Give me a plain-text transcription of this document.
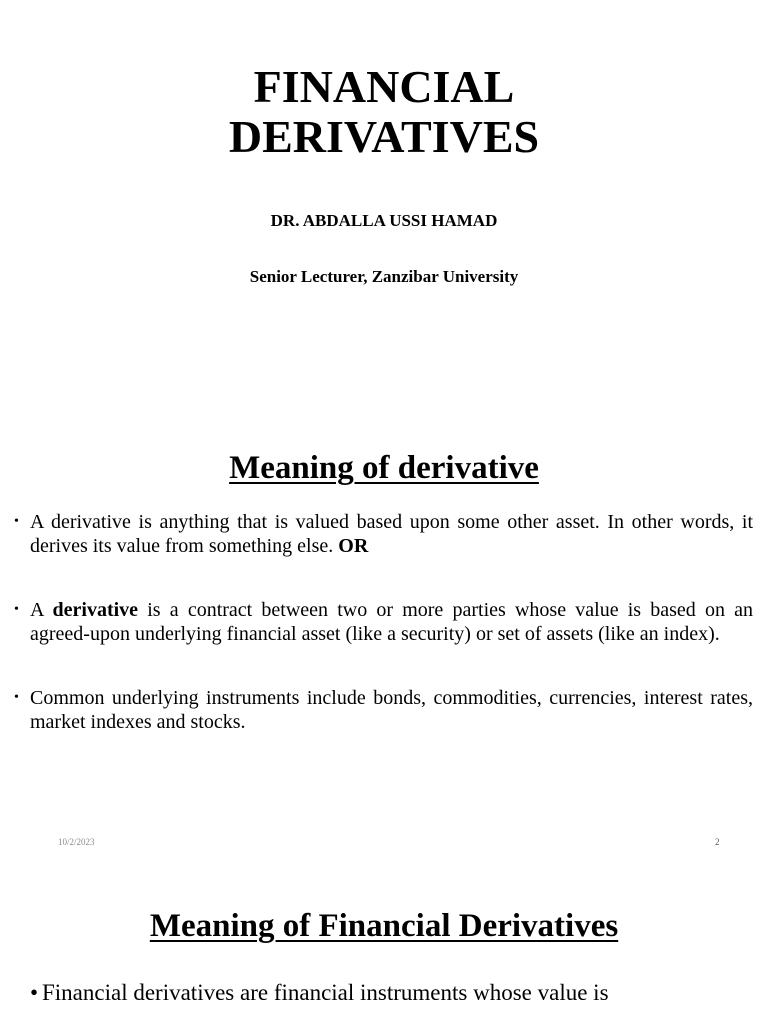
FINANCIAL
DERIVATIVES
DR. ABDALLA USSI HAMAD
Senior Lecturer, Zanzibar University
Meaning of derivative
• A derivative is anything that is valued based upon some other asset. In other words, it derives its value from something else. OR
• A derivative is a contract between two or more parties whose value is based on an agreed-upon underlying financial asset (like a security) or set of assets (like an index).
• Common underlying instruments include bonds, commodities, currencies, interest rates, market indexes and stocks.
10/2/2023	2
Meaning of Financial Derivatives
• Financial derivatives are financial instruments whose value is
